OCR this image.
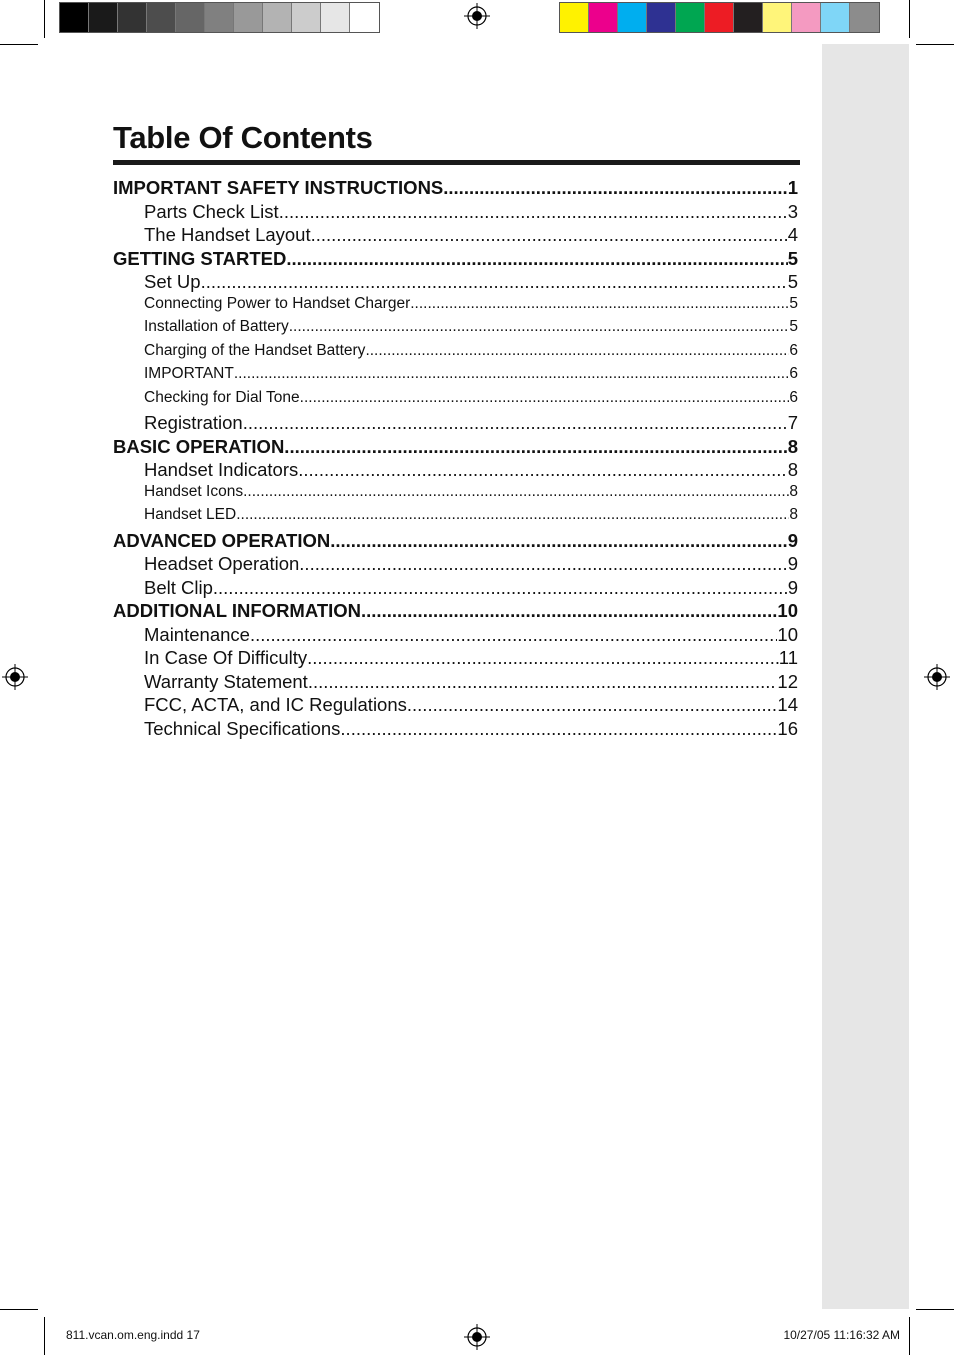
Table Of Contents
IMPORTANT SAFETY INSTRUCTIONS .....	1
Parts Check List .....	3
The Handset Layout .....	4
GETTING STARTED .....	5
Set Up .....	5
Connecting Power to Handset Charger .....	5
Installation of Battery .....	5
Charging of the Handset Battery .....	6
IMPORTANT .....	6
Checking for Dial Tone .....	6
Registration .....	7
BASIC OPERATION. .....	8
Handset Indicators .....	8
Handset Icons .....	8
Handset LED .....	8
ADVANCED OPERATION .....	9
Headset Operation .....	9
Belt Clip .....	9
ADDITIONAL INFORMATION .....	10
Maintenance .....	10
In Case Of Difficulty .....	11
Warranty Statement .....	12
FCC, ACTA, and IC Regulations .....	14
Technical Specifications .....	16
811.vcan.om.eng.indd 17	10/27/05 11:16:32 AM
